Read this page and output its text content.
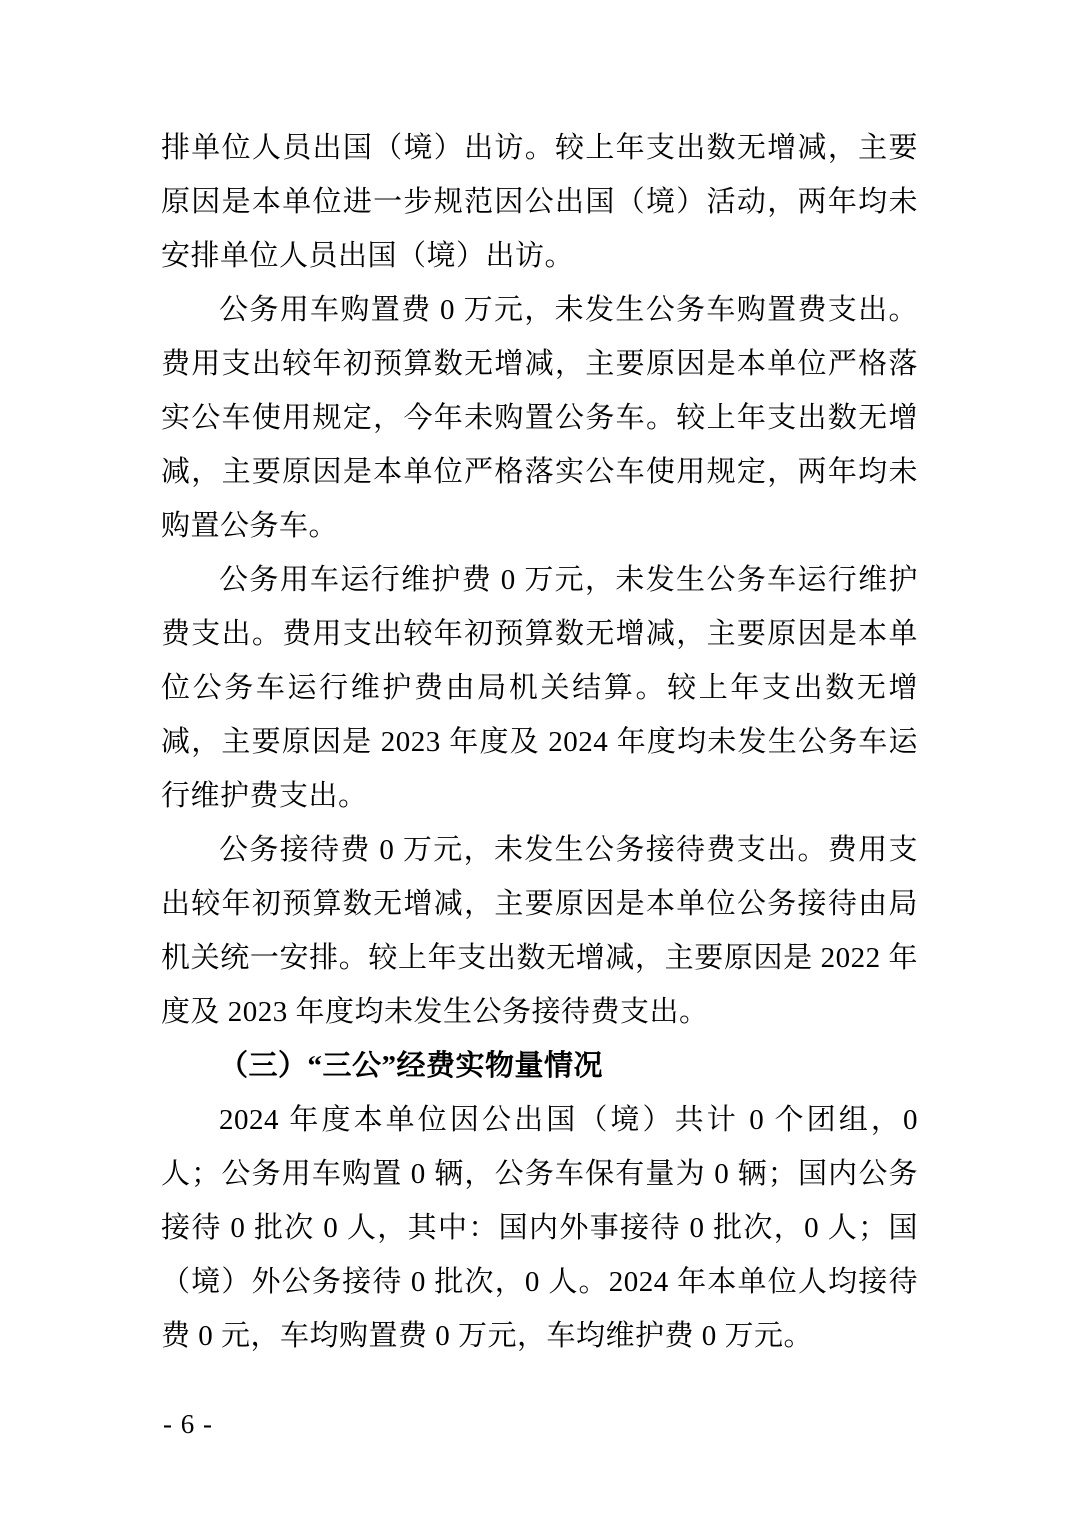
排单位人员出国（境）出访。较上年支出数无增减，主要原因是本单位进一步规范因公出国（境）活动，两年均未安排单位人员出国（境）出访。

公务用车购置费 0 万元，未发生公务车购置费支出。费用支出较年初预算数无增减，主要原因是本单位严格落实公车使用规定，今年未购置公务车。较上年支出数无增减，主要原因是本单位严格落实公车使用规定，两年均未购置公务车。

公务用车运行维护费 0 万元，未发生公务车运行维护费支出。费用支出较年初预算数无增减，主要原因是本单位公务车运行维护费由局机关结算。较上年支出数无增减，主要原因是 2023 年度及 2024 年度均未发生公务车运行维护费支出。

公务接待费 0 万元，未发生公务接待费支出。费用支出较年初预算数无增减，主要原因是本单位公务接待由局机关统一安排。较上年支出数无增减，主要原因是 2022 年度及 2023 年度均未发生公务接待费支出。

（三）“三公”经费实物量情况

2024 年度本单位因公出国（境）共计 0 个团组，0 人；公务用车购置 0 辆，公务车保有量为 0 辆；国内公务接待 0 批次 0 人，其中：国内外事接待 0 批次，0 人；国（境）外公务接待 0 批次，0 人。2024 年本单位人均接待费 0 元，车均购置费 0 万元，车均维护费 0 万元。

- 6 -
